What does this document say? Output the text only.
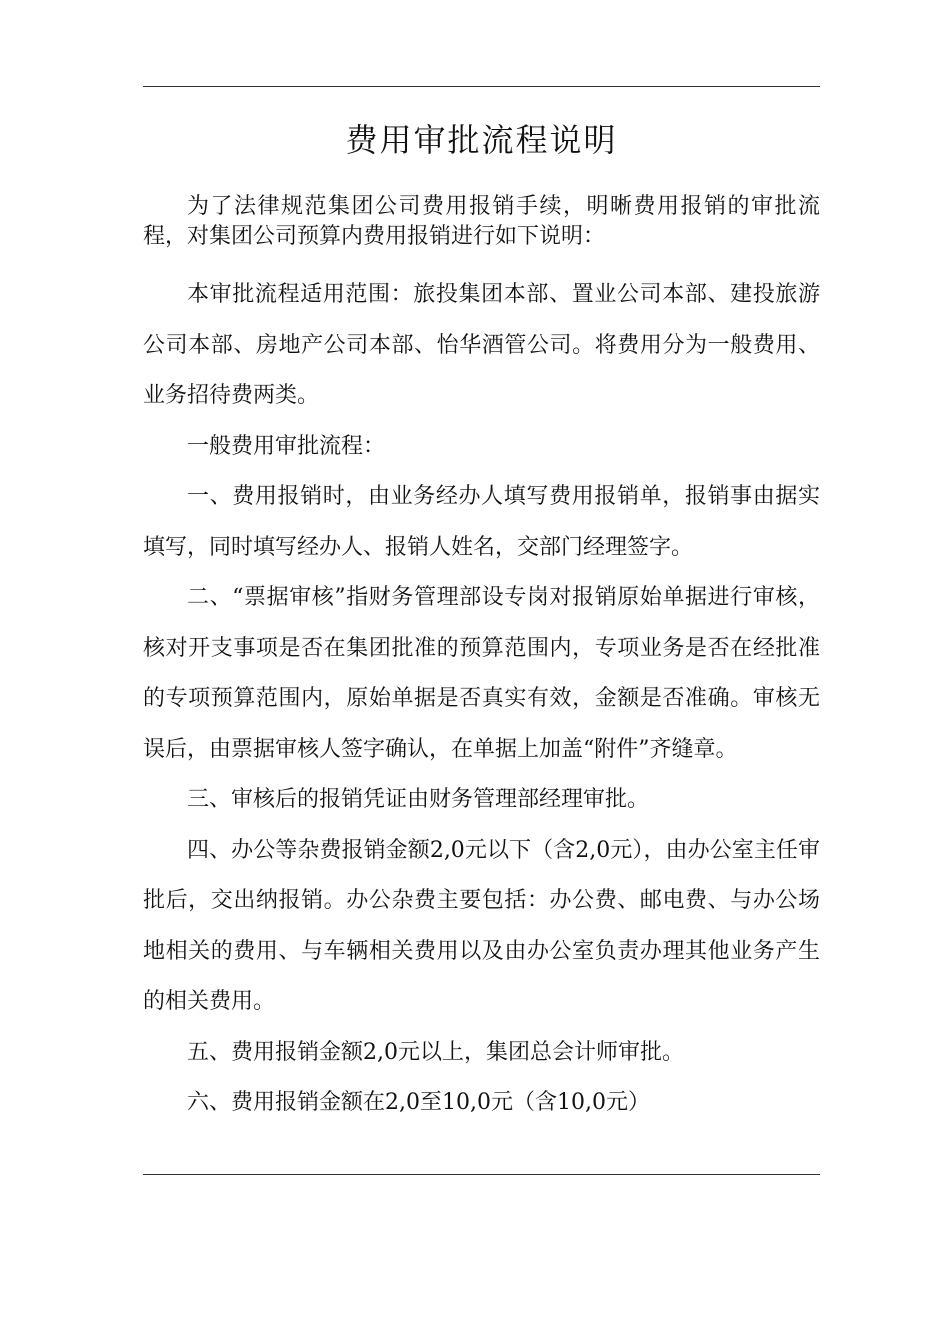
费用审批流程说明

为了法律规范集团公司费用报销手续，明晰费用报销的审批流程，对集团公司预算内费用报销进行如下说明：

本审批流程适用范围：旅投集团本部、置业公司本部、建投旅游公司本部、房地产公司本部、怡华酒管公司。将费用分为一般费用、业务招待费两类。

一般费用审批流程：

一、费用报销时，由业务经办人填写费用报销单，报销事由据实填写，同时填写经办人、报销人姓名，交部门经理签字。

二、“票据审核”指财务管理部设专岗对报销原始单据进行审核，核对开支事项是否在集团批准的预算范围内，专项业务是否在经批准的专项预算范围内，原始单据是否真实有效，金额是否准确。审核无误后，由票据审核人签字确认，在单据上加盖“附件”齐缝章。

三、审核后的报销凭证由财务管理部经理审批。

四、办公等杂费报销金额2,0元以下（含2,0元），由办公室主任审批后，交出纳报销。办公杂费主要包括：办公费、邮电费、与办公场地相关的费用、与车辆相关费用以及由办公室负责办理其他业务产生的相关费用。

五、费用报销金额2,0元以上，集团总会计师审批。

六、费用报销金额在2,0至10,0元（含10,0元）
